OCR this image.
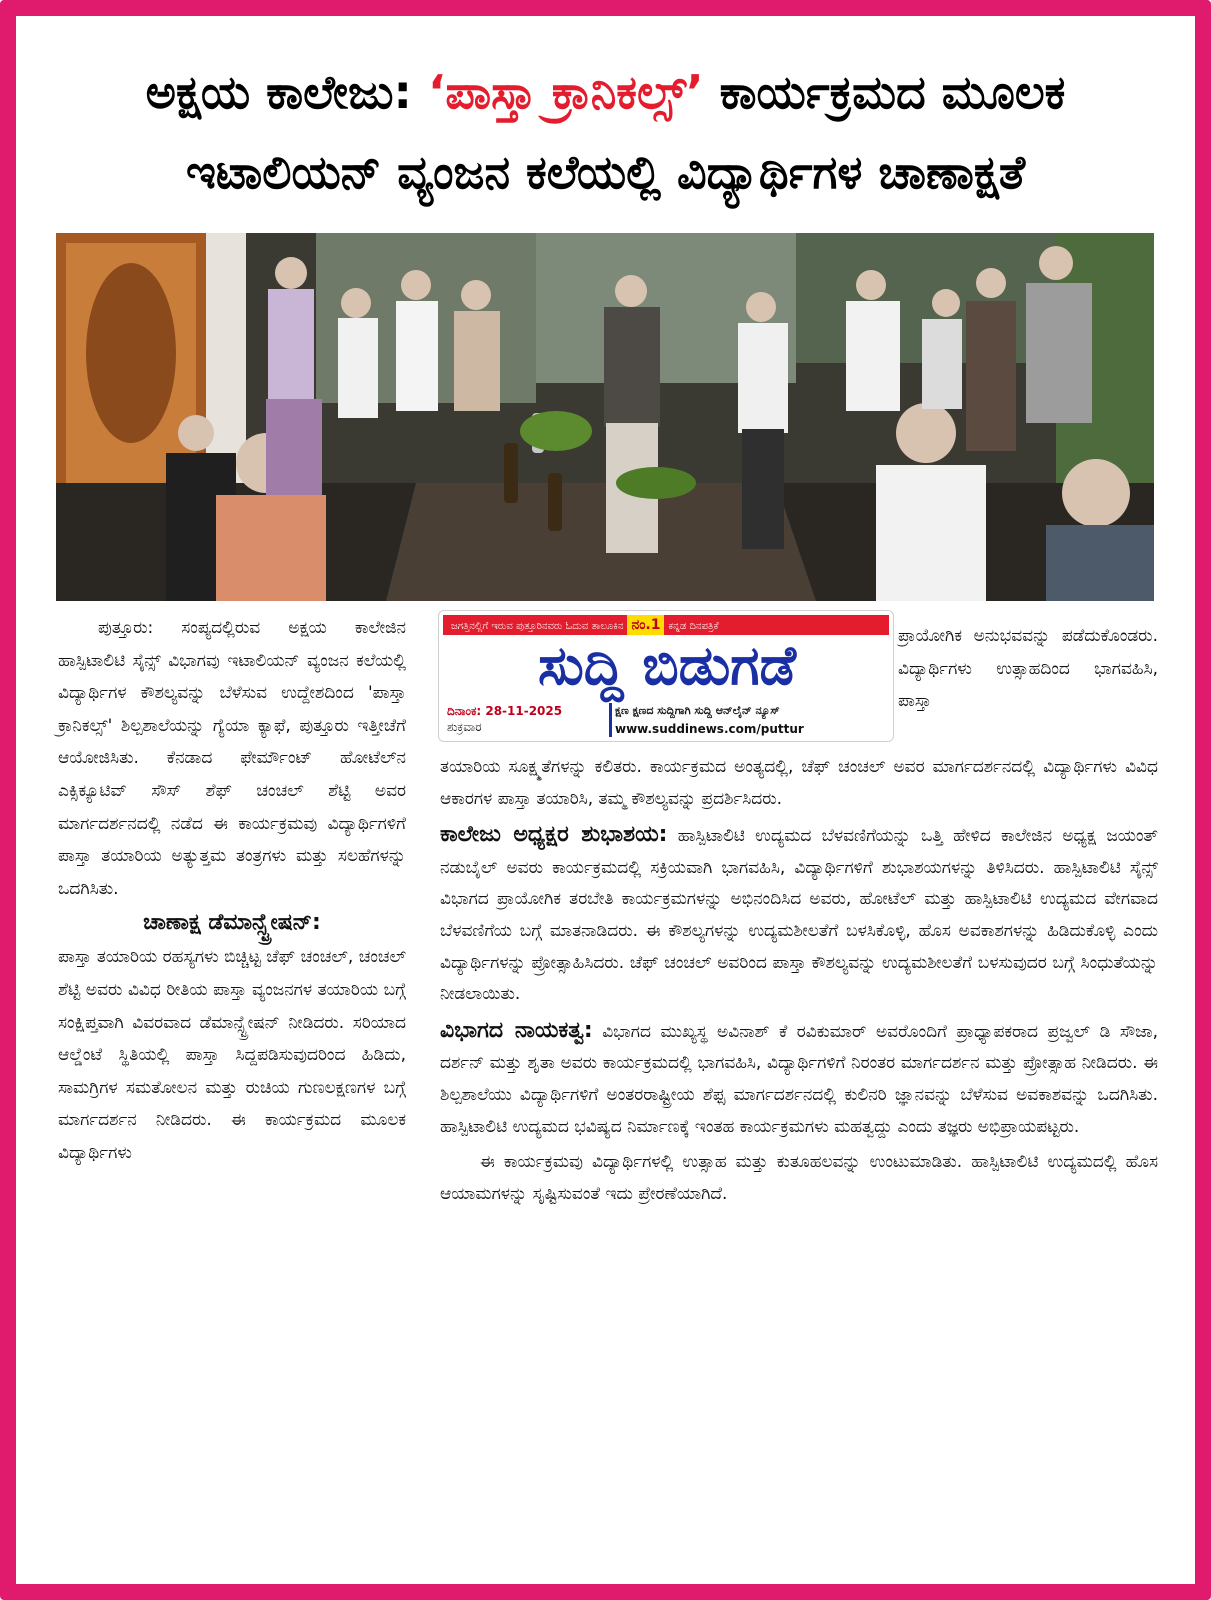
ಅಕ್ಷಯ ಕಾಲೇಜು: ‘ಪಾಸ್ತಾ ಕ್ರಾನಿಕಲ್ಸ್’ ಕಾರ್ಯಕ್ರಮದ ಮೂಲಕ
ಇಟಾಲಿಯನ್ ವ್ಯಂಜನ ಕಲೆಯಲ್ಲಿ ವಿದ್ಯಾರ್ಥಿಗಳ ಚಾಣಾಕ್ಷತೆ

ಪುತ್ತೂರು: ಸಂಪ್ಯದಲ್ಲಿರುವ ಅಕ್ಷಯ ಕಾಲೇಜಿನ ಹಾಸ್ಪಿಟಾಲಿಟಿ ಸೈನ್ಸ್ ವಿಭಾಗವು ಇಟಾಲಿಯನ್ ವ್ಯಂಜನ ಕಲೆಯಲ್ಲಿ ವಿದ್ಯಾರ್ಥಿಗಳ ಕೌಶಲ್ಯವನ್ನು ಬೆಳೆಸುವ ಉದ್ದೇಶದಿಂದ 'ಪಾಸ್ತಾ ಕ್ರಾನಿಕಲ್ಸ್' ಶಿಲ್ಪಶಾಲೆಯನ್ನು ಗ್ಯೆಯಾ ಕ್ಯಾಫೆ, ಪುತ್ತೂರು ಇತ್ತೀಚೆಗೆ ಆಯೋಜಿಸಿತು. ಕೆನಡಾದ ಫೇರ್ಮೌಂಟ್ ಹೋಟೆಲ್‌ನ ಎಕ್ಸಿಕ್ಯೂಟಿವ್ ಸೌಸ್ ಶೆಫ್ ಚಂಚಲ್ ಶೆಟ್ಟಿ ಅವರ ಮಾರ್ಗದರ್ಶನದಲ್ಲಿ ನಡೆದ ಈ ಕಾರ್ಯಕ್ರಮವು ವಿದ್ಯಾರ್ಥಿಗಳಿಗೆ ಪಾಸ್ತಾ ತಯಾರಿಯ ಅತ್ಯುತ್ತಮ ತಂತ್ರಗಳು ಮತ್ತು ಸಲಹೆಗಳನ್ನು ಒದಗಿಸಿತು.

ಚಾಣಾಕ್ಷ ಡೆಮಾನ್ಸ್ಟ್ರೇಷನ್:

ಪಾಸ್ತಾ ತಯಾರಿಯ ರಹಸ್ಯಗಳು ಬಿಚ್ಚಿಟ್ಟ ಚೆಫ್ ಚಂಚಲ್, ಚಂಚಲ್ ಶೆಟ್ಟಿ ಅವರು ವಿವಿಧ ರೀತಿಯ ಪಾಸ್ತಾ ವ್ಯಂಜನಗಳ ತಯಾರಿಯ ಬಗ್ಗೆ ಸಂಕ್ಷಿಪ್ತವಾಗಿ ವಿವರವಾದ ಡೆಮಾನ್ಸ್ಟ್ರೇಷನ್ ನೀಡಿದರು. ಸರಿಯಾದ ಆಲ್ಡೆಂಟೆ ಸ್ಥಿತಿಯಲ್ಲಿ ಪಾಸ್ತಾ ಸಿದ್ದಪಡಿಸುವುದರಿಂದ ಹಿಡಿದು, ಸಾಮಗ್ರಿಗಳ ಸಮತೋಲನ ಮತ್ತು ರುಚಿಯ ಗುಣಲಕ್ಷಣಗಳ ಬಗ್ಗೆ ಮಾರ್ಗದರ್ಶನ ನೀಡಿದರು. ಈ ಕಾರ್ಯಕ್ರಮದ ಮೂಲಕ ವಿದ್ಯಾರ್ಥಿಗಳು

ಜಗತ್ತಿನಲ್ಲಿಗೆ ಇರುವ ಪುತ್ತೂರಿನವರು ಓದುವ ತಾಲೂಕಿನ ನಂ.1 ಕನ್ನಡ ದಿನಪತ್ರಿಕೆ
ಸುದ್ದಿ ಬಿಡುಗಡೆ
ದಿನಾಂಕ: 28-11-2025
ಶುಕ್ರವಾರ
ಕ್ಷಣ ಕ್ಷಣದ ಸುದ್ದಿಗಾಗಿ ಸುದ್ದಿ ಆನ್‌ಲೈನ್ ನ್ಯೂಸ್
www.suddinews.com/puttur

ಪ್ರಾಯೋಗಿಕ ಅನುಭವವನ್ನು ಪಡೆದುಕೊಂಡರು. ವಿದ್ಯಾರ್ಥಿಗಳು ಉತ್ಸಾಹದಿಂದ ಭಾಗವಹಿಸಿ, ಪಾಸ್ತಾ

ತಯಾರಿಯ ಸೂಕ್ಷ್ಮತೆಗಳನ್ನು ಕಲಿತರು. ಕಾರ್ಯಕ್ರಮದ ಅಂತ್ಯದಲ್ಲಿ, ಚೆಫ್ ಚಂಚಲ್ ಅವರ ಮಾರ್ಗದರ್ಶನದಲ್ಲಿ ವಿದ್ಯಾರ್ಥಿಗಳು ವಿವಿಧ ಆಕಾರಗಳ ಪಾಸ್ತಾ ತಯಾರಿಸಿ, ತಮ್ಮ ಕೌಶಲ್ಯವನ್ನು ಪ್ರದರ್ಶಿಸಿದರು.

ಕಾಲೇಜು ಅಧ್ಯಕ್ಷರ ಶುಭಾಶಯ: ಹಾಸ್ಪಿಟಾಲಿಟಿ ಉದ್ಯಮದ ಬೆಳವಣಿಗೆಯನ್ನು ಒತ್ತಿ ಹೇಳಿದ ಕಾಲೇಜಿನ ಅಧ್ಯಕ್ಷ ಜಯಂತ್ ನಡುಬೈಲ್ ಅವರು ಕಾರ್ಯಕ್ರಮದಲ್ಲಿ ಸಕ್ರಿಯವಾಗಿ ಭಾಗವಹಿಸಿ, ವಿದ್ಯಾರ್ಥಿಗಳಿಗೆ ಶುಭಾಶಯಗಳನ್ನು ತಿಳಿಸಿದರು. ಹಾಸ್ಪಿಟಾಲಿಟಿ ಸೈನ್ಸ್ ವಿಭಾಗದ ಪ್ರಾಯೋಗಿಕ ತರಬೇತಿ ಕಾರ್ಯಕ್ರಮಗಳನ್ನು ಅಭಿನಂದಿಸಿದ ಅವರು, ಹೋಟೆಲ್ ಮತ್ತು ಹಾಸ್ಪಿಟಾಲಿಟಿ ಉದ್ಯಮದ ವೇಗವಾದ ಬೆಳವಣಿಗೆಯ ಬಗ್ಗೆ ಮಾತನಾಡಿದರು. ಈ ಕೌಶಲ್ಯಗಳನ್ನು ಉದ್ಯಮಶೀಲತೆಗೆ ಬಳಸಿಕೊಳ್ಳಿ, ಹೊಸ ಅವಕಾಶಗಳನ್ನು ಹಿಡಿದುಕೊಳ್ಳಿ ಎಂದು ವಿದ್ಯಾರ್ಥಿಗಳನ್ನು ಪ್ರೋತ್ಸಾಹಿಸಿದರು. ಚೆಫ್ ಚಂಚಲ್ ಅವರಿಂದ ಪಾಸ್ತಾ ಕೌಶಲ್ಯವನ್ನು ಉದ್ಯಮಶೀಲತೆಗೆ ಬಳಸುವುದರ ಬಗ್ಗೆ ಸಿಂಧುತೆಯನ್ನು ನೀಡಲಾಯಿತು.

ವಿಭಾಗದ ನಾಯಕತ್ವ: ವಿಭಾಗದ ಮುಖ್ಯಸ್ಥ ಅವಿನಾಶ್ ಕೆ ರವಿಕುಮಾರ್ ಅವರೊಂದಿಗೆ ಪ್ರಾಧ್ಯಾಪಕರಾದ ಪ್ರಜ್ವಲ್ ಡಿ ಸೌಜಾ, ದರ್ಶನ್ ಮತ್ತು ಶೃತಾ ಅವರು ಕಾರ್ಯಕ್ರಮದಲ್ಲಿ ಭಾಗವಹಿಸಿ, ವಿದ್ಯಾರ್ಥಿಗಳಿಗೆ ನಿರಂತರ ಮಾರ್ಗದರ್ಶನ ಮತ್ತು ಪ್ರೋತ್ಸಾಹ ನೀಡಿದರು. ಈ ಶಿಲ್ಪಶಾಲೆಯು ವಿದ್ಯಾರ್ಥಿಗಳಿಗೆ ಅಂತರರಾಷ್ಟ್ರೀಯ ಶೆಫ್ಸ ಮಾರ್ಗದರ್ಶನದಲ್ಲಿ ಕುಲಿನರಿ ಜ್ಞಾನವನ್ನು ಬೆಳೆಸುವ ಅವಕಾಶವನ್ನು ಒದಗಿಸಿತು. ಹಾಸ್ಪಿಟಾಲಿಟಿ ಉದ್ಯಮದ ಭವಿಷ್ಯದ ನಿರ್ಮಾಣಕ್ಕೆ ಇಂತಹ ಕಾರ್ಯಕ್ರಮಗಳು ಮಹತ್ವದ್ದು ಎಂದು ತಜ್ಞರು ಅಭಿಪ್ರಾಯಪಟ್ಟರು.

ಈ ಕಾರ್ಯಕ್ರಮವು ವಿದ್ಯಾರ್ಥಿಗಳಲ್ಲಿ ಉತ್ಸಾಹ ಮತ್ತು ಕುತೂಹಲವನ್ನು ಉಂಟುಮಾಡಿತು. ಹಾಸ್ಪಿಟಾಲಿಟಿ ಉದ್ಯಮದಲ್ಲಿ ಹೊಸ ಆಯಾಮಗಳನ್ನು ಸೃಷ್ಟಿಸುವಂತೆ ಇದು ಪ್ರೇರಣೆಯಾಗಿದೆ.
